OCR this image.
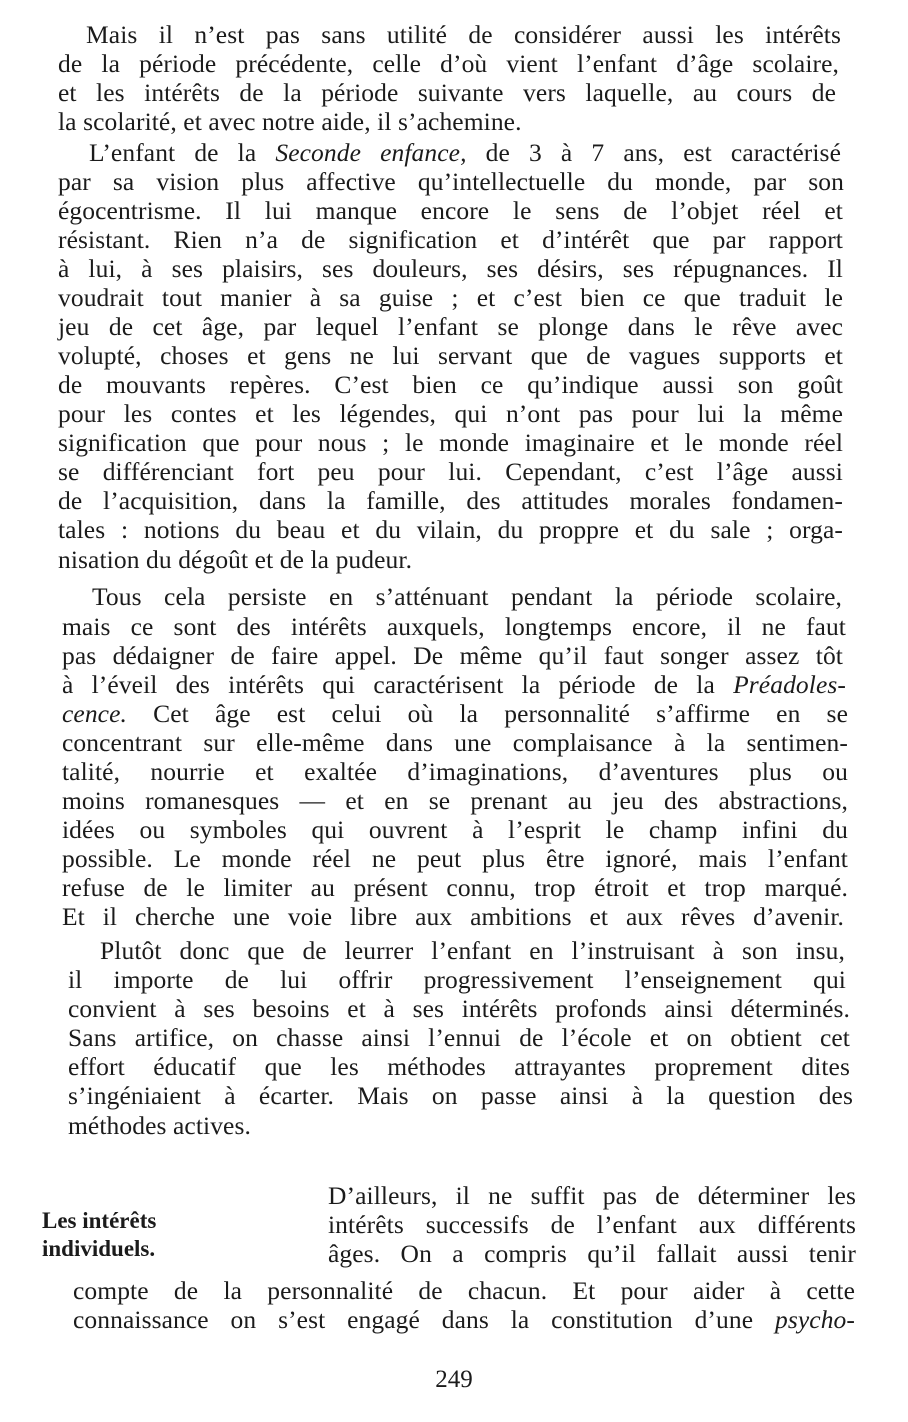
Mais il n’est pas sans utilité de considérer aussi les intérêts
de la période précédente, celle d’où vient l’enfant d’âge scolaire,
et les intérêts de la période suivante vers laquelle, au cours de
la scolarité, et avec notre aide, il s’achemine.
L’enfant de la Seconde enfance, de 3 à 7 ans, est caractérisé
par sa vision plus affective qu’intellectuelle du monde, par son
égocentrisme. Il lui manque encore le sens de l’objet réel et
résistant. Rien n’a de signification et d’intérêt que par rapport
à lui, à ses plaisirs, ses douleurs, ses désirs, ses répugnances. Il
voudrait tout manier à sa guise ; et c’est bien ce que traduit le
jeu de cet âge, par lequel l’enfant se plonge dans le rêve avec
volupté, choses et gens ne lui servant que de vagues supports et
de mouvants repères. C’est bien ce qu’indique aussi son goût
pour les contes et les légendes, qui n’ont pas pour lui la même
signification que pour nous ; le monde imaginaire et le monde réel
se différenciant fort peu pour lui. Cependant, c’est l’âge aussi
de l’acquisition, dans la famille, des attitudes morales fondamen-
tales : notions du beau et du vilain, du proppre et du sale ; orga-
nisation du dégoût et de la pudeur.
Tous cela persiste en s’atténuant pendant la période scolaire,
mais ce sont des intérêts auxquels, longtemps encore, il ne faut
pas dédaigner de faire appel. De même qu’il faut songer assez tôt
à l’éveil des intérêts qui caractérisent la période de la Préadoles-
cence. Cet âge est celui où la personnalité s’affirme en se
concentrant sur elle-même dans une complaisance à la sentimen-
talité, nourrie et exaltée d’imaginations, d’aventures plus ou
moins romanesques — et en se prenant au jeu des abstractions,
idées ou symboles qui ouvrent à l’esprit le champ infini du
possible. Le monde réel ne peut plus être ignoré, mais l’enfant
refuse de le limiter au présent connu, trop étroit et trop marqué.
Et il cherche une voie libre aux ambitions et aux rêves d’avenir.
Plutôt donc que de leurrer l’enfant en l’instruisant à son insu,
il importe de lui offrir progressivement l’enseignement qui
convient à ses besoins et à ses intérêts profonds ainsi déterminés.
Sans artifice, on chasse ainsi l’ennui de l’école et on obtient cet
effort éducatif que les méthodes attrayantes proprement dites
s’ingéniaient à écarter. Mais on passe ainsi à la question des
méthodes actives.
Les intérêts
individuels.
D’ailleurs, il ne suffit pas de déterminer les
intérêts successifs de l’enfant aux différents
âges. On a compris qu’il fallait aussi tenir
compte de la personnalité de chacun. Et pour aider à cette
connaissance on s’est engagé dans la constitution d’une psycho-
249
